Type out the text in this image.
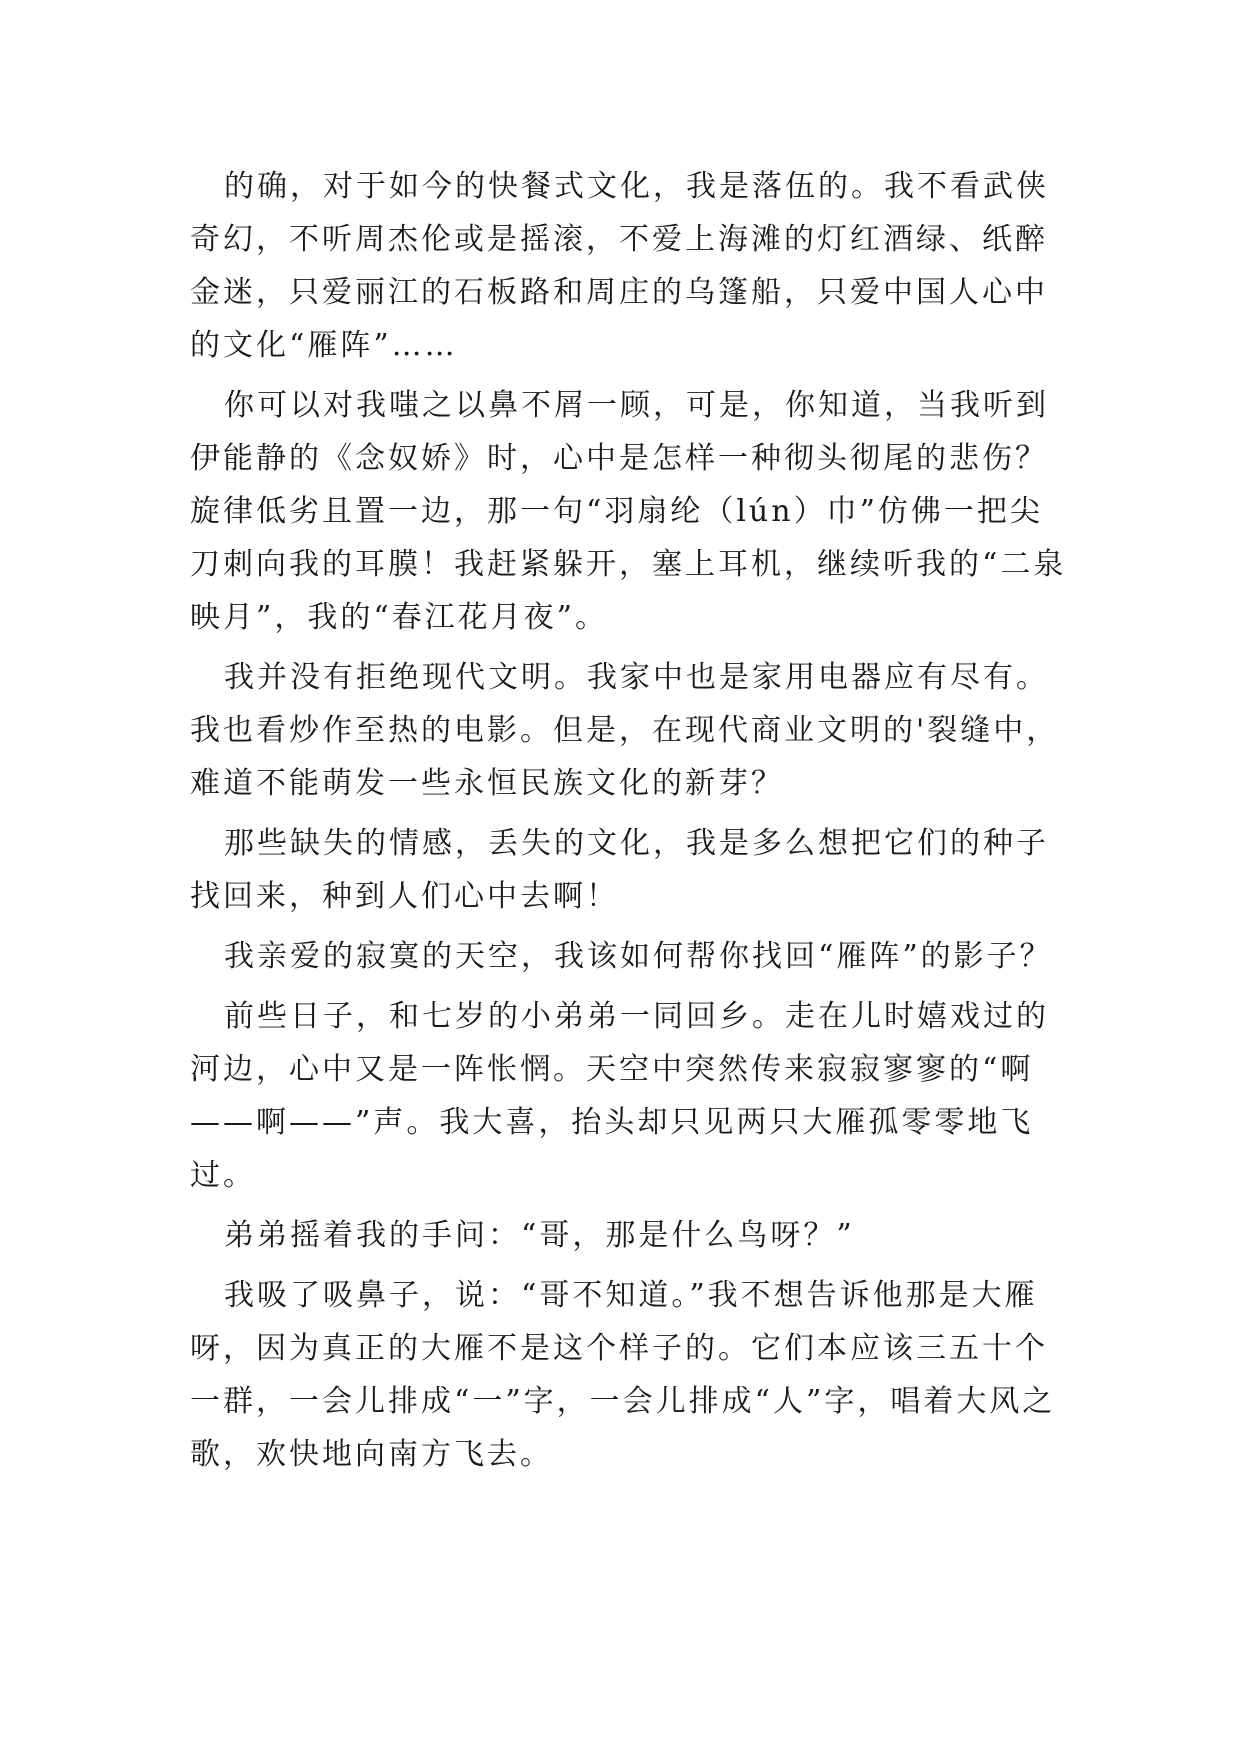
的确，对于如今的快餐式文化，我是落伍的。我不看武侠奇幻，不听周杰伦或是摇滚，不爱上海滩的灯红酒绿、纸醉金迷，只爱丽江的石板路和周庄的乌篷船，只爱中国人心中的文化“雁阵”……

你可以对我嗤之以鼻不屑一顾，可是，你知道，当我听到伊能静的《念奴娇》时，心中是怎样一种彻头彻尾的悲伤？旋律低劣且置一边，那一句“羽扇纶（lún）巾”仿佛一把尖刀刺向我的耳膜！我赶紧躲开，塞上耳机，继续听我的“二泉映月”，我的“春江花月夜”。

我并没有拒绝现代文明。我家中也是家用电器应有尽有。我也看炒作至热的电影。但是，在现代商业文明的'裂缝中，难道不能萌发一些永恒民族文化的新芽？

那些缺失的情感，丢失的文化，我是多么想把它们的种子找回来，种到人们心中去啊！

我亲爱的寂寞的天空，我该如何帮你找回“雁阵”的影子？

前些日子，和七岁的小弟弟一同回乡。走在儿时嬉戏过的河边，心中又是一阵怅惘。天空中突然传来寂寂寥寥的“啊——啊——”声。我大喜，抬头却只见两只大雁孤零零地飞过。

弟弟摇着我的手问：“哥，那是什么鸟呀？”

我吸了吸鼻子，说：“哥不知道。”我不想告诉他那是大雁呀，因为真正的大雁不是这个样子的。它们本应该三五十个一群，一会儿排成“一”字，一会儿排成“人”字，唱着大风之歌，欢快地向南方飞去。
